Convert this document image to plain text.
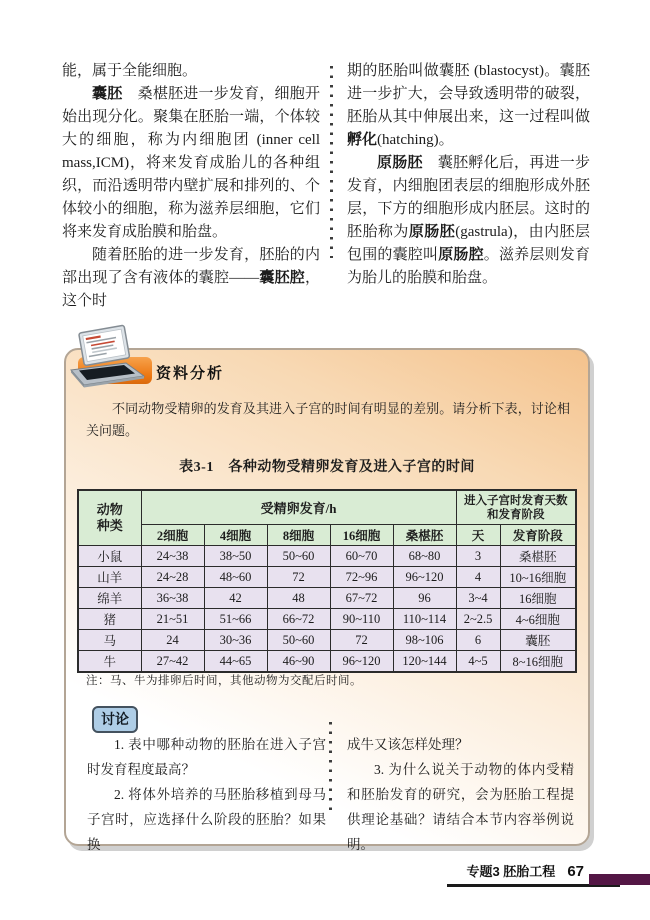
能，属于全能细胞。

囊胚　桑椹胚进一步发育，细胞开始出现分化。聚集在胚胎一端，个体较大的细胞，称为内细胞团 (inner cell mass,ICM)，将来发育成胎儿的各种组织，而沿透明带内壁扩展和排列的、个体较小的细胞，称为滋养层细胞，它们将来发育成胎膜和胎盘。

随着胚胎的进一步发育，胚胎的内部出现了含有液体的囊腔——囊胚腔，这个时

期的胚胎叫做囊胚 (blastocyst)。囊胚进一步扩大，会导致透明带的破裂，胚胎从其中伸展出来，这一过程叫做孵化(hatching)。

原肠胚　囊胚孵化后，再进一步发育，内细胞团表层的细胞形成外胚层，下方的细胞形成内胚层。这时的胚胎称为原肠胚(gastrula)，由内胚层包围的囊腔叫原肠腔。滋养层则发育为胎儿的胎膜和胎盘。

资料分析

不同动物受精卵的发育及其进入子宫的时间有明显的差别。请分析下表，讨论相关问题。

表3-1　各种动物受精卵发育及进入子宫的时间
动物种类	受精卵发育/h					进入子宫时发育天数和发育阶段	
	2细胞	4细胞	8细胞	16细胞	桑椹胚	天	发育阶段
小鼠	24~38	38~50	50~60	60~70	68~80	3	桑椹胚
山羊	24~28	48~60	72	72~96	96~120	4	10~16细胞
绵羊	36~38	42	48	67~72	96	3~4	16细胞
猪	21~51	51~66	66~72	90~110	110~114	2~2.5	4~6细胞
马	24	30~36	50~60	72	98~106	6	囊胚
牛	27~42	44~65	46~90	96~120	120~144	4~5	8~16细胞

注：马、牛为排卵后时间，其他动物为交配后时间。

讨论

1. 表中哪种动物的胚胎在进入子宫时发育程度最高？

2. 将体外培养的马胚胎移植到母马子宫时，应选择什么阶段的胚胎？如果换

成牛又该怎样处理？

3. 为什么说关于动物的体内受精和胚胎发育的研究，会为胚胎工程提供理论基础？请结合本节内容举例说明。

专题3 胚胎工程 67
